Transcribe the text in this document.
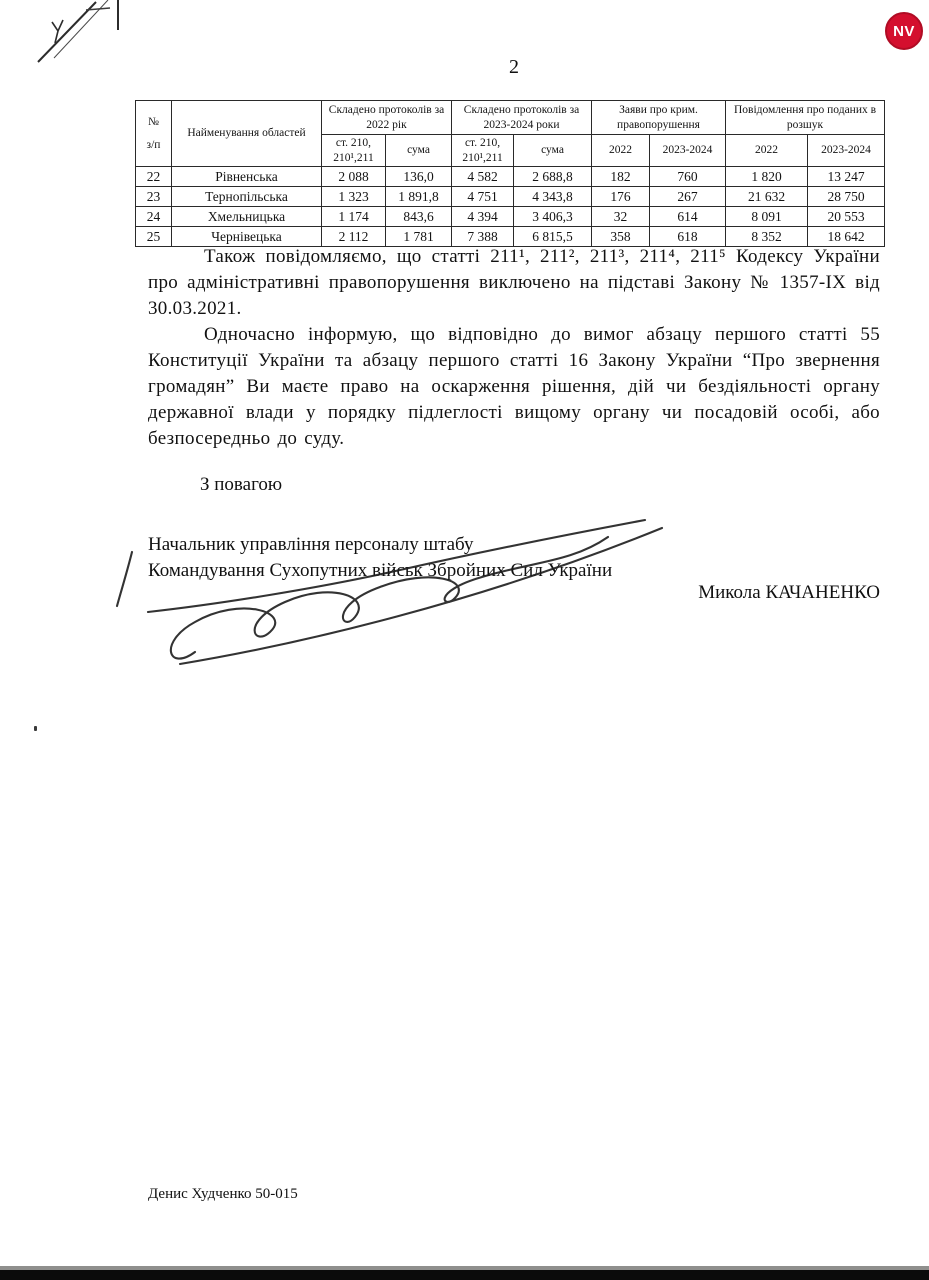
NV
2
№
з/п	Найменування областей	Складено протоколів за 2022 рік		Складено протоколів за 2023-2024 роки		Заяви про крим. правопорушення		Повідомлення про поданих в розшук	
		ст. 210, 210¹,211	сума	ст. 210, 210¹,211	сума	2022	2023-2024	2022	2023-2024
22	Рівненська	2 088	136,0	4 582	2 688,8	182	760	1 820	13 247
23	Тернопільська	1 323	1 891,8	4 751	4 343,8	176	267	21 632	28 750
24	Хмельницька	1 174	843,6	4 394	3 406,3	32	614	8 091	20 553
25	Чернівецька	2 112	1 781	7 388	6 815,5	358	618	8 352	18 642

Також повідомляємо, що статті 211¹, 211², 211³, 211⁴, 211⁵ Кодексу України про адміністративні правопорушення виключено на підставі Закону № 1357-ІХ від 30.03.2021.

Одночасно інформую, що відповідно до вимог абзацу першого статті 55 Конституції України та абзацу першого статті 16 Закону України “Про звернення громадян” Ви маєте право на оскарження рішення, дій чи бездіяльності органу державної влади у порядку підлеглості вищому органу чи посадовій особі, або безпосередньо до суду.

З повагою

Начальник управління персоналу штабу
Командування Сухопутних військ Збройних Сил України
Микола КАЧАНЕНКО
Денис Худченко 50-015
